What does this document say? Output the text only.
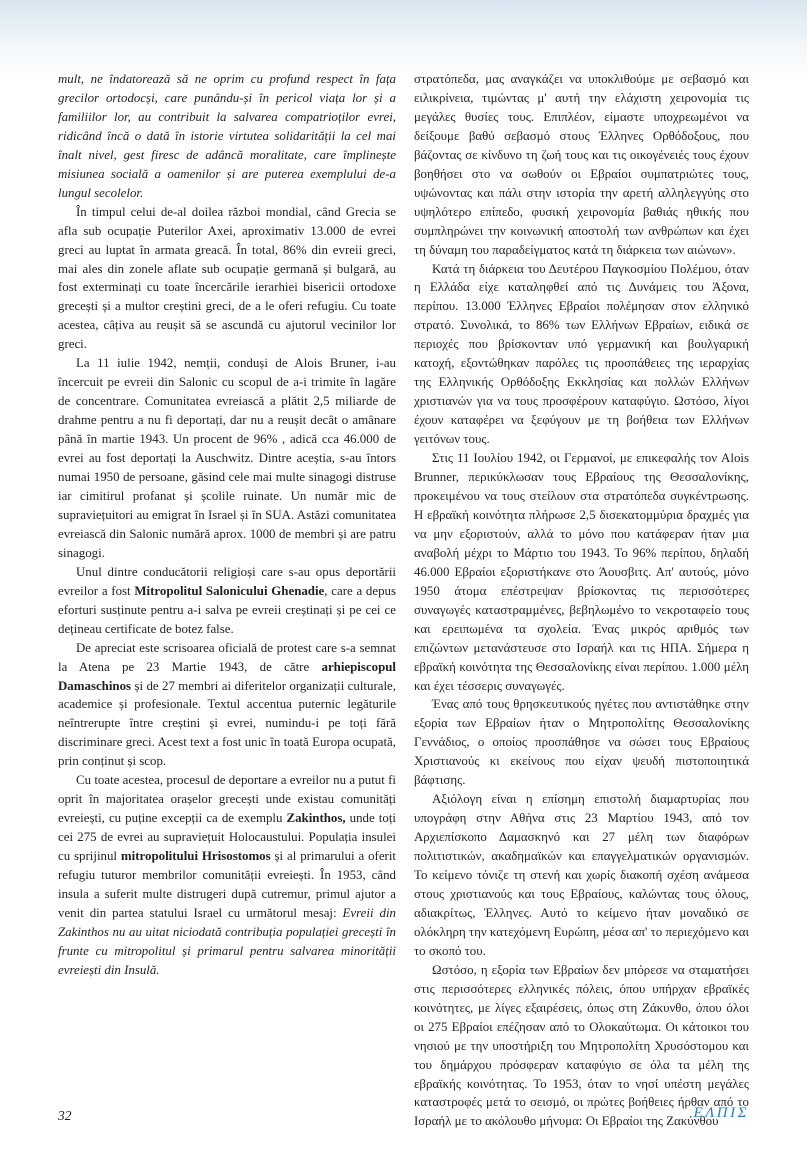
mult, ne îndatorează să ne oprim cu profund respect în fața grecilor ortodocși, care punându-și în pericol viața lor și a familiilor lor, au contribuit la salvarea compatrioților evrei, ridicând încă o dată în istorie virtutea solidarității la cel mai înalt nivel, gest firesc de adâncă moralitate, care împlinește misiunea socială a oamenilor și are puterea exemplului de-a lungul secolelor.

În timpul celui de-al doilea război mondial, când Grecia se afla sub ocupație Puterilor Axei, aproximativ 13.000 de evrei greci au luptat în armata greacă. În total, 86% din evreii greci, mai ales din zonele aflate sub ocupație germană și bulgară, au fost exterminați cu toate încercările ierarhiei bisericii ortodoxe grecești și a multor creștini greci, de a le oferi refugiu. Cu toate acestea, câțiva au reușit să se ascundă cu ajutorul vecinilor lor greci.

La 11 iulie 1942, nemții, conduși de Alois Bruner, i-au încercuit pe evreii din Salonic cu scopul de a-i trimite în lagăre de concentrare. Comunitatea evreiască a plătit 2,5 miliarde de drahme pentru a nu fi deportați, dar nu a reușit decât o amânare până în martie 1943. Un procent de 96% , adică cca 46.000 de evrei au fost deportați la Auschwitz. Dintre aceștia, s-au întors numai 1950 de persoane, găsind cele mai multe sinagogi distruse iar cimitirul profanat și școlile ruinate. Un număr mic de supraviețuitori au emigrat în Israel și în SUA. Astăzi comunitatea evreiască din Salonic numără aprox. 1000 de membri și are patru sinagogi.

Unul dintre conducătorii religioși care s-au opus deportării evreilor a fost Mitropolitul Salonicului Ghenadie, care a depus eforturi susținute pentru a-i salva pe evreii creștinați și pe cei ce dețineau certificate de botez false.

De apreciat este scrisoarea oficială de protest care s-a semnat la Atena pe 23 Martie 1943, de către arhiepiscopul Damaschinos și de 27 membri ai diferitelor organizații culturale, academice și profesionale. Textul accentua puternic legăturile neîntrerupte între creștini și evrei, numindu-i pe toți fără discriminare greci. Acest text a fost unic în toată Europa ocupată, prin conținut și scop.

Cu toate acestea, procesul de deportare a evreilor nu a putut fi oprit în majoritatea orașelor grecești unde existau comunități evreiești, cu puține excepții ca de exemplu Zakinthos, unde toți cei 275 de evrei au supraviețuit Holocaustului. Populația insulei cu sprijinul mitropolitului Hrisostomos și al primarului a oferit refugiu tuturor membrilor comunității evreiești. În 1953, când insula a suferit multe distrugeri după cutremur, primul ajutor a venit din partea statului Israel cu următorul mesaj: Evreii din Zakinthos nu au uitat niciodată contribuția populației grecești în frunte cu mitropolitul și primarul pentru salvarea minorității evreiești din Insulă.

στρατόπεδα, μας αναγκάζει να υποκλιθούμε με σεβασμό και ειλικρίνεια, τιμώντας μ' αυτή την ελάχιστη χειρονομία τις μεγάλες θυσίες τους. Επιπλέον, είμαστε υποχρεωμένοι να δείξουμε βαθύ σεβασμό στους Έλληνες Ορθόδοξους, που βάζοντας σε κίνδυνο τη ζωή τους και τις οικογένειές τους έχουν βοηθήσει στο να σωθούν οι Εβραίοι συμπατριώτες τους, υψώνοντας και πάλι στην ιστορία την αρετή αλληλεγγύης στο υψηλότερο επίπεδο, φυσική χειρονομία βαθιάς ηθικής που συμπληρώνει την κοινωνική αποστολή των ανθρώπων και έχει τη δύναμη του παραδείγματος κατά τη διάρκεια των αιώνων».

Κατά τη διάρκεια του Δευτέρου Παγκοσμίου Πολέμου, όταν η Ελλάδα είχε καταληφθεί από τις Δυνάμεις του Άξονα, περίπου. 13.000 Έλληνες Εβραίοι πολέμησαν στον ελληνικό στρατό. Συνολικά, το 86% των Ελλήνων Εβραίων, ειδικά σε περιοχές που βρίσκονταν υπό γερμανική και βουλγαρική κατοχή, εξοντώθηκαν παρόλες τις προσπάθειες της ιεραρχίας της Ελληνικής Ορθόδοξης Εκκλησίας και πολλών Ελλήνων χριστιανών για να τους προσφέρουν καταφύγιο. Ωστόσο, λίγοι έχουν καταφέρει να ξεφύγουν με τη βοήθεια των Ελλήνων γειτόνων τους.

Στις 11 Ιουλίου 1942, οι Γερμανοί, με επικεφαλής τον Alois Brunner, περικύκλωσαν τους Εβραίους της Θεσσαλονίκης, προκειμένου να τους στείλουν στα στρατόπεδα συγκέντρωσης. Η εβραϊκή κοινότητα πλήρωσε 2,5 δισεκατομμύρια δραχμές για να μην εξοριστούν, αλλά το μόνο που κατάφεραν ήταν μια αναβολή μέχρι το Μάρτιο του 1943. Το 96% περίπου, δηλαδή 46.000 Εβραίοι εξοριστήκανε στο Άουσβιτς. Απ' αυτούς, μόνο 1950 άτομα επέστρεψαν βρίσκοντας τις περισσότερες συναγωγές καταστραμμένες, βεβηλωμένο το νεκροταφείο τους και ερειπωμένα τα σχολεία. Ένας μικρός αριθμός των επιζώντων μετανάστευσε στο Ισραήλ και τις ΗΠΑ. Σήμερα η εβραϊκή κοινότητα της Θεσσαλονίκης είναι περίπου. 1.000 μέλη και έχει τέσσερις συναγωγές.

Ένας από τους θρησκευτικούς ηγέτες που αντιστάθηκε στην εξορία των Εβραίων ήταν ο Μητροπολίτης Θεσσαλονίκης Γεννάδιος, ο οποίος προσπάθησε να σώσει τους Εβραίους Χριστιανούς κι εκείνους που είχαν ψευδή πιστοποιητικά βάφτισης.

Αξιόλογη είναι η επίσημη επιστολή διαμαρτυρίας που υπογράφη στην Αθήνα στις 23 Μαρτίου 1943, από τον Αρχιεπίσκοπο Δαμασκηνό και 27 μέλη των διαφόρων πολιτιστικών, ακαδημαϊκών και επαγγελματικών οργανισμών. Το κείμενο τόνιζε τη στενή και χωρίς διακοπή σχέση ανάμεσα στους χριστιανούς και τους Εβραίους, καλώντας τους όλους, αδιακρίτως, Έλληνες. Αυτό το κείμενο ήταν μοναδικό σε ολόκληρη την κατεχόμενη Ευρώπη, μέσα απ' το περιεχόμενο και το σκοπό του.

Ωστόσο, η εξορία των Εβραίων δεν μπόρεσε να σταματήσει στις περισσότερες ελληνικές πόλεις, όπου υπήρχαν εβραϊκές κοινότητες, με λίγες εξαιρέσεις, όπως στη Ζάκυνθο, όπου όλοι οι 275 Εβραίοι επέζησαν από το Ολοκαύτωμα. Οι κάτοικοι του νησιού με την υποστήριξη του Μητροπολίτη Χρυσόστομου και του δημάρχου πρόσφεραν καταφύγιο σε όλα τα μέλη της εβραϊκής κοινότητας. Το 1953, όταν το νησί υπέστη μεγάλες καταστροφές μετά το σεισμό, οι πρώτες βοήθειες ήρθαν από το Ισραήλ με το ακόλουθο μήνυμα: Οι Εβραίοι της Ζακύνθου

32	ΕΛΠΙΣ
